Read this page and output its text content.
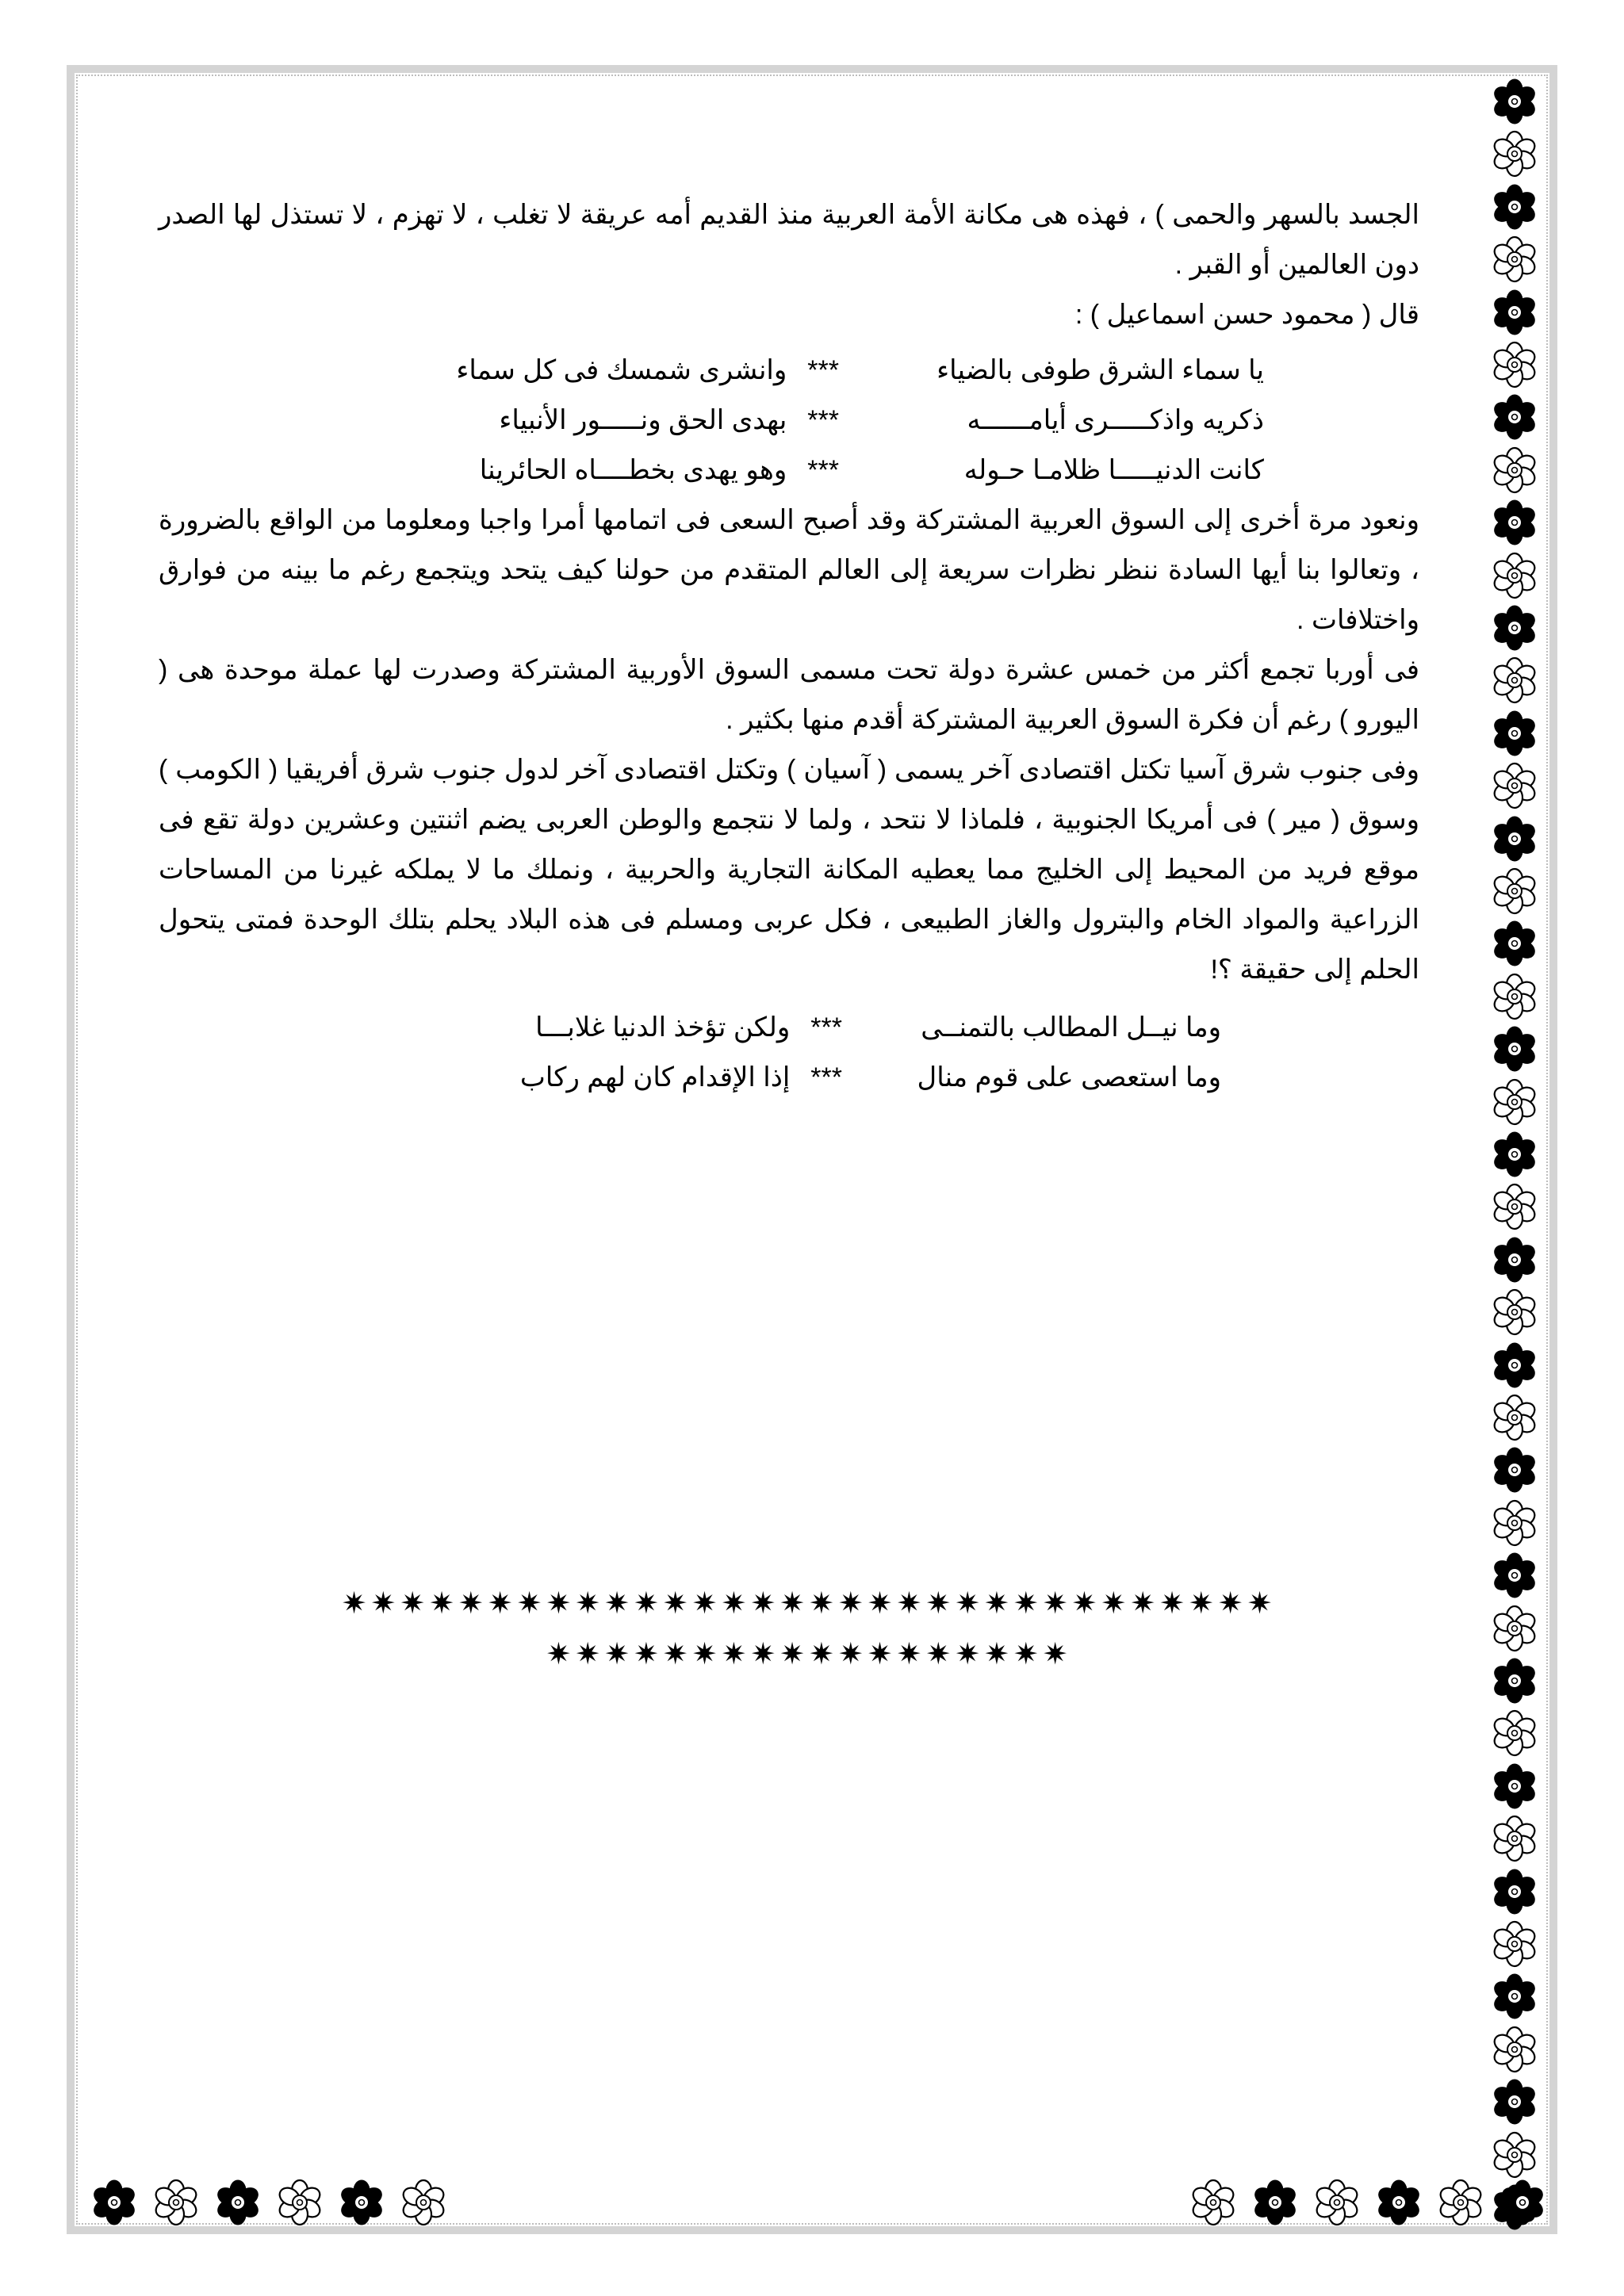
الجسد بالسهر والحمى ) ، فهذه هى مكانة الأمة العربية منذ القديم أمه عريقة لا تغلب ، لا تهزم ، لا تستذل لها الصدر دون العالمين أو القبر .

قال ( محمود حسن اسماعيل ) :

يا سماء الشرق طوفى بالضياء
***
وانشرى شمسك فى كل سماء
ذكريه واذكـــــرى أيامــــــه
***
بهدى الحق ونـــــور الأنبياء
كانت الدنيـــــا ظلامـا حـوله
***
وهو يهدى بخطــــاه الحائرينا

ونعود مرة أخرى إلى السوق العربية المشتركة وقد أصبح السعى فى اتمامها أمرا واجبا ومعلوما من الواقع بالضرورة ، وتعالوا بنا أيها السادة ننظر نظرات سريعة إلى العالم المتقدم من حولنا كيف يتحد ويتجمع رغم ما بينه من فوارق واختلافات .

فى أوربا تجمع أكثر من خمس عشرة دولة تحت مسمى السوق الأوربية المشتركة وصدرت لها عملة موحدة هى ( اليورو ) رغم أن فكرة السوق العربية المشتركة أقدم منها بكثير .

وفى جنوب شرق آسيا تكتل اقتصادى آخر يسمى ( آسيان ) وتكتل اقتصادى آخر لدول جنوب شرق أفريقيا ( الكومب ) وسوق ( مير ) فى أمريكا الجنوبية ، فلماذا لا نتحد ، ولما لا نتجمع والوطن العربى يضم اثنتين وعشرين دولة تقع فى موقع فريد من المحيط إلى الخليج مما يعطيه المكانة التجارية والحربية ، ونملك ما لا يملكه غيرنا من المساحات الزراعية والمواد الخام والبترول والغاز الطبيعى ، فكل عربى ومسلم فى هذه البلاد يحلم بتلك الوحدة فمتى يتحول الحلم إلى حقيقة ؟!

وما نيــل المطالب بالتمنــى
***
ولكن تؤخذ الدنيا غلابـــا
وما استعصى على قوم منال
***
إذا الإقدام كان لهم ركاب
✷✷✷✷✷✷✷✷✷✷✷✷✷✷✷✷✷✷✷✷✷✷✷✷✷✷✷✷✷✷✷✷
✷✷✷✷✷✷✷✷✷✷✷✷✷✷✷✷✷✷
